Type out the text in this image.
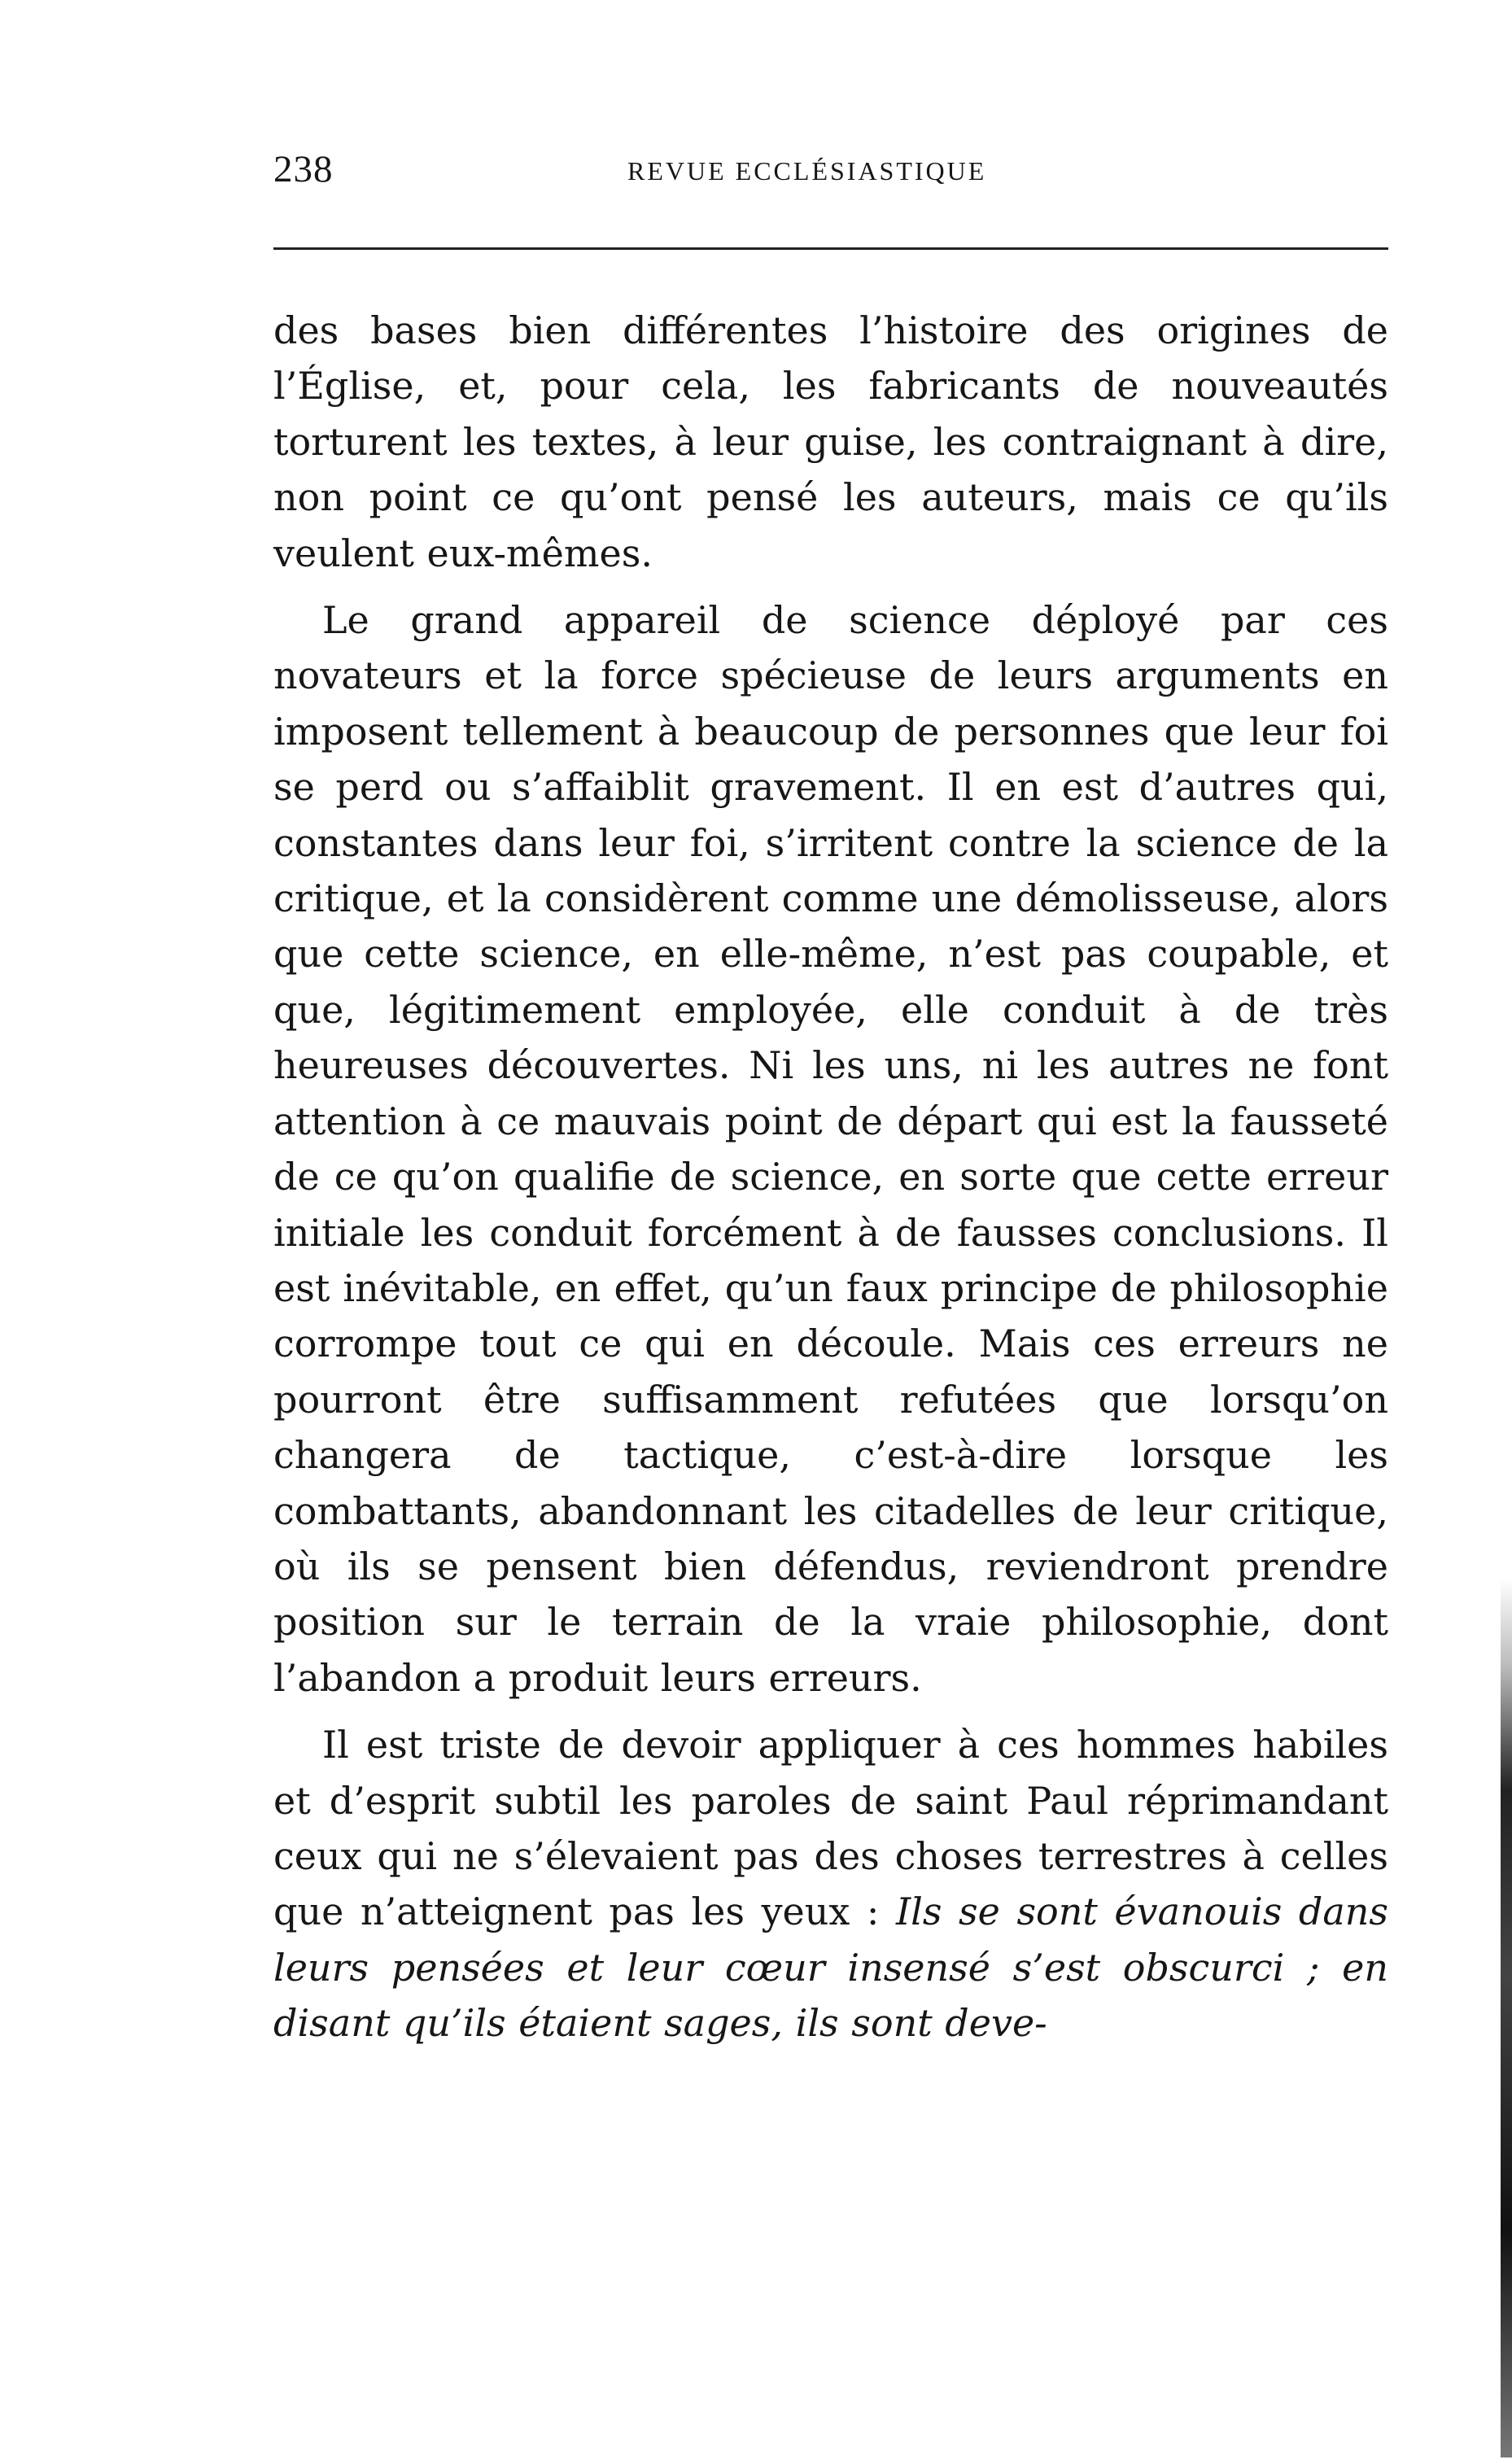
238	REVUE ECCLÉSIASTIQUE

des bases bien différentes l’histoire des origines de l’Église, et, pour cela, les fabricants de nouveautés torturent les textes, à leur guise, les contraignant à dire, non point ce qu’ont pensé les auteurs, mais ce qu’ils veulent eux-mêmes.

Le grand appareil de science déployé par ces novateurs et la force spécieuse de leurs arguments en imposent tellement à beaucoup de personnes que leur foi se perd ou s’affaiblit gravement. Il en est d’autres qui, constantes dans leur foi, s’irritent contre la science de la critique, et la considèrent comme une démolisseuse, alors que cette science, en elle-même, n’est pas coupable, et que, légitimement employée, elle conduit à de très heureuses découvertes. Ni les uns, ni les autres ne font attention à ce mauvais point de départ qui est la fausseté de ce qu’on qualifie de science, en sorte que cette erreur initiale les conduit forcément à de fausses conclusions. Il est inévitable, en effet, qu’un faux principe de philosophie corrompe tout ce qui en découle. Mais ces erreurs ne pourront être suffisamment refutées que lorsqu’on changera de tactique, c’est-à-dire lorsque les combattants, abandonnant les citadelles de leur critique, où ils se pensent bien défendus, reviendront prendre position sur le terrain de la vraie philosophie, dont l’abandon a produit leurs erreurs.

Il est triste de devoir appliquer à ces hommes habiles et d’esprit subtil les paroles de saint Paul réprimandant ceux qui ne s’élevaient pas des choses terrestres à celles que n’atteignent pas les yeux : Ils se sont évanouis dans leurs pensées et leur cœur insensé s’est obscurci ; en disant qu’ils étaient sages, ils sont deve-
